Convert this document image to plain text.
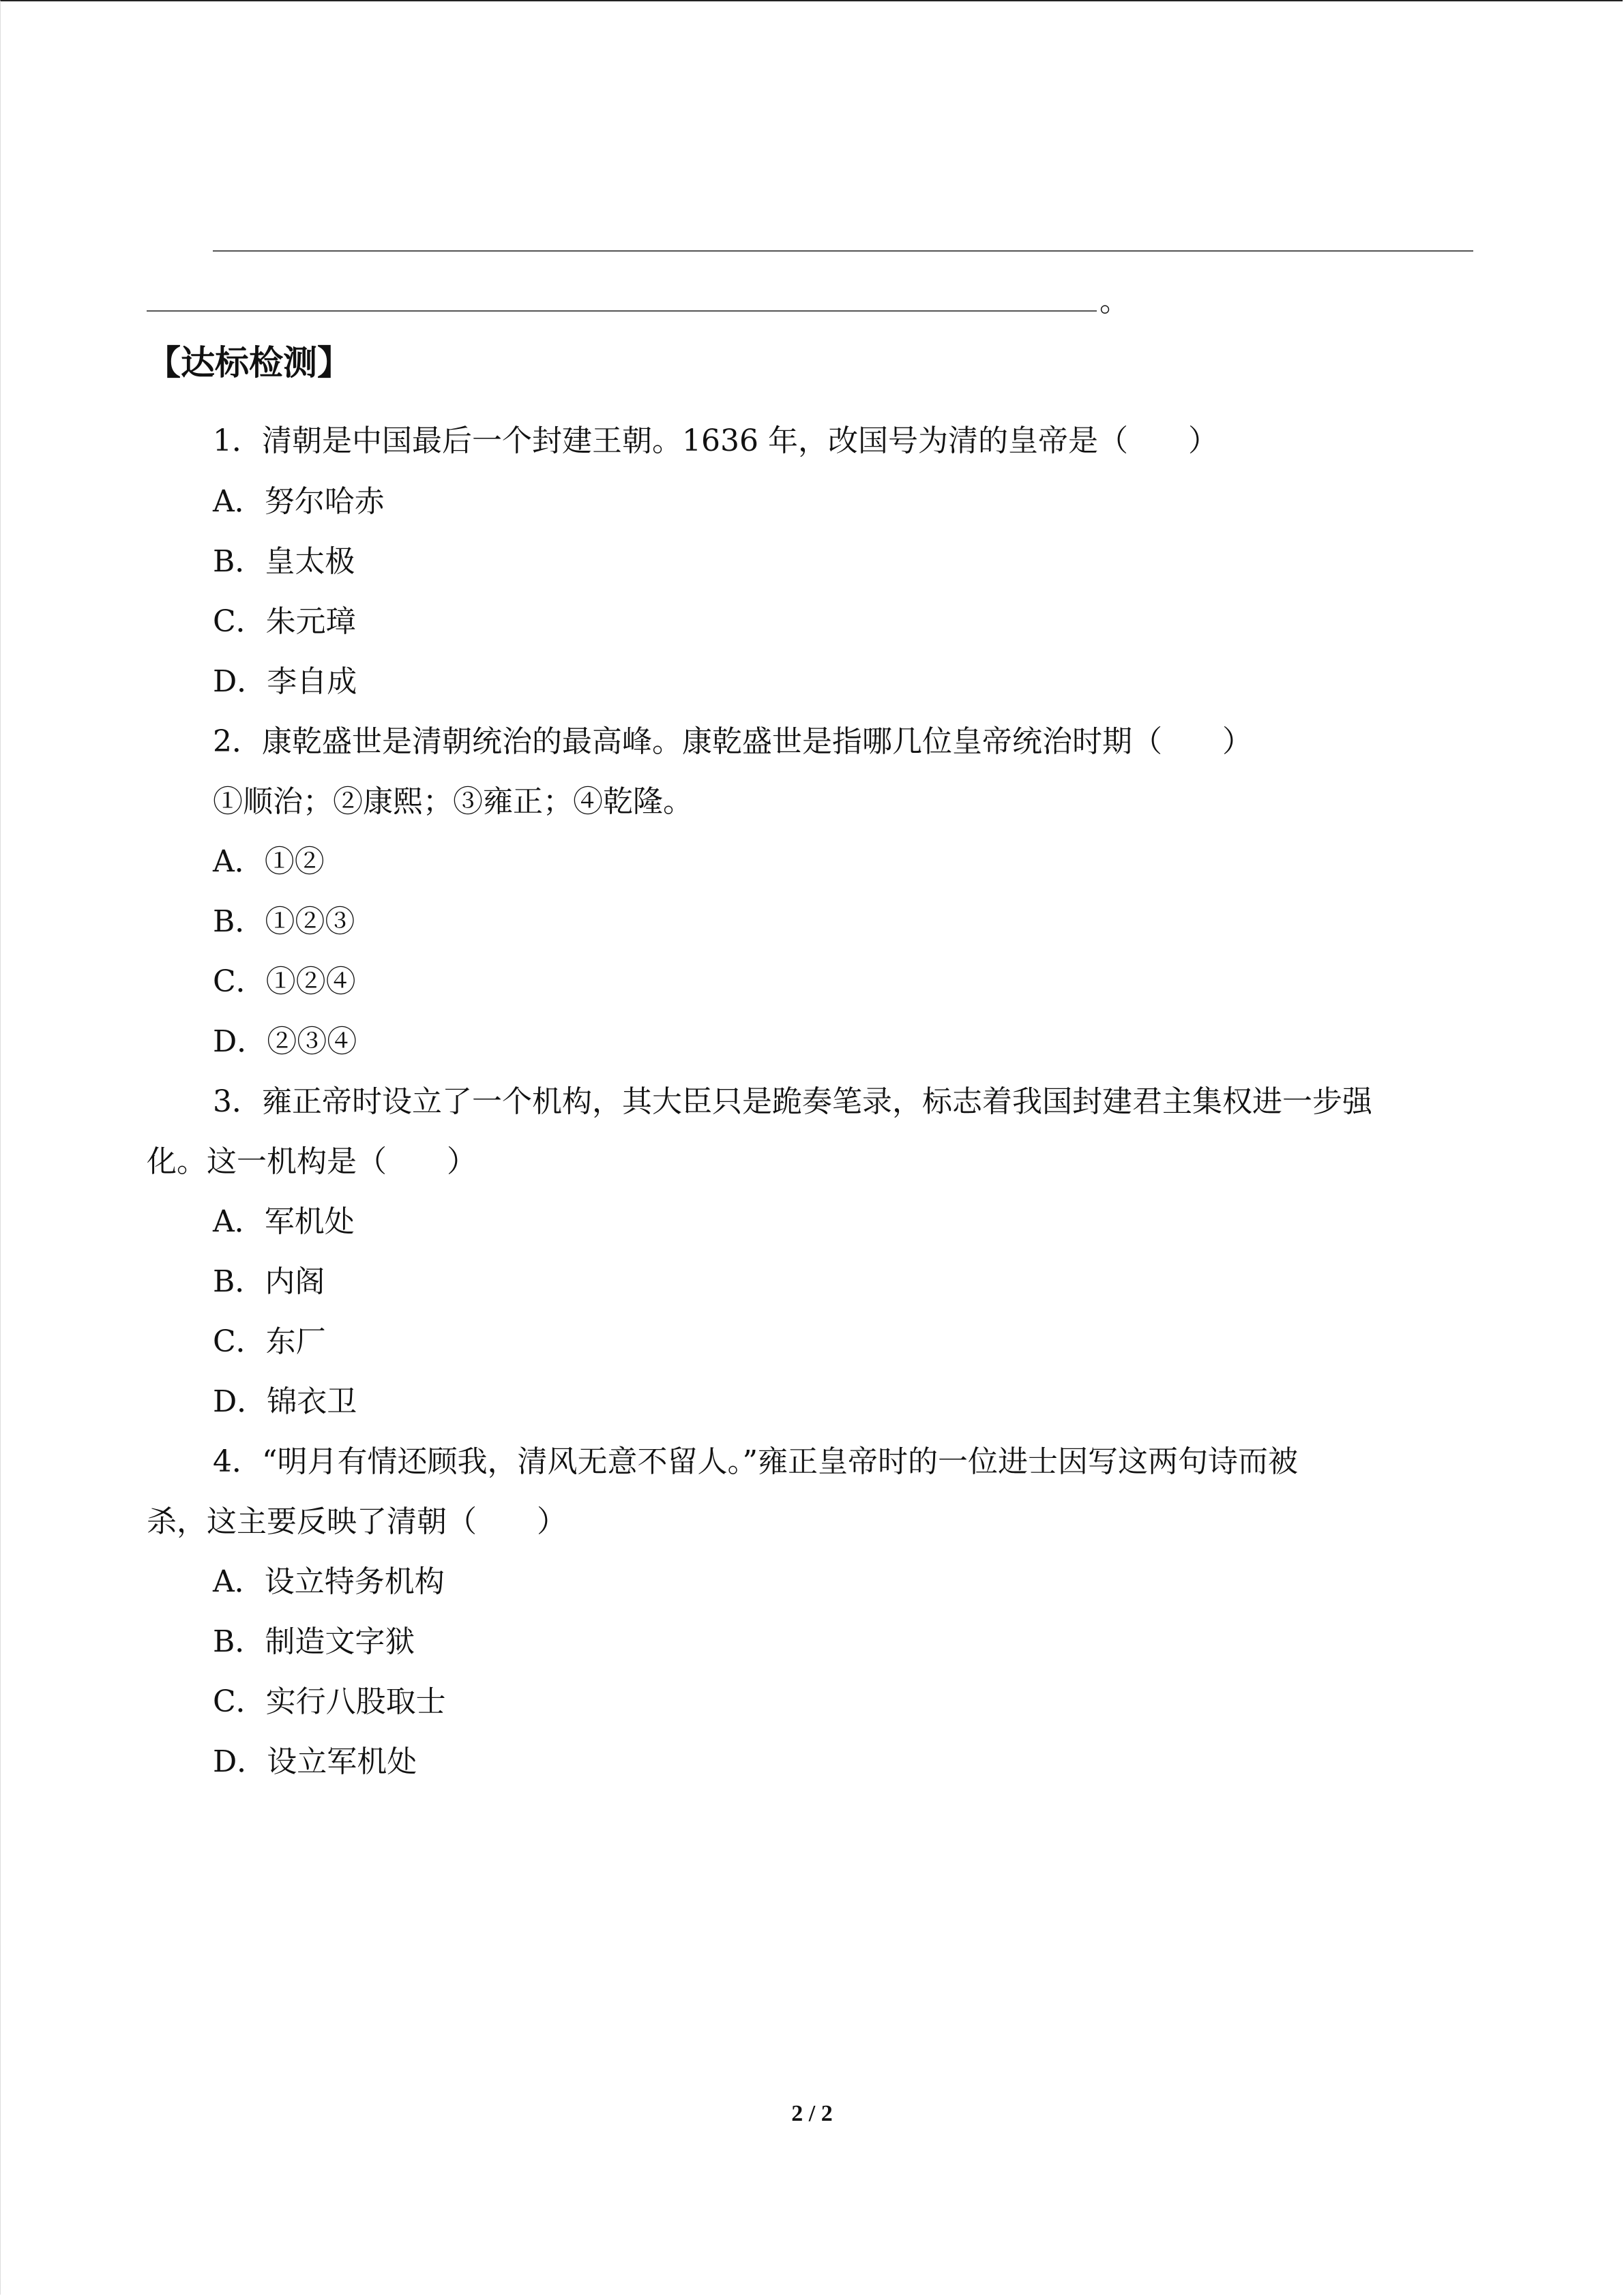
。
【达标检测】
1．清朝是中国最后一个封建王朝。1636 年，改国号为清的皇帝是（　　）
A．努尔哈赤
B．皇太极
C．朱元璋
D．李自成
2．康乾盛世是清朝统治的最高峰。康乾盛世是指哪几位皇帝统治时期（　　）
①顺治；②康熙；③雍正；④乾隆。
A．①②
B．①②③
C．①②④
D．②③④
3．雍正帝时设立了一个机构，其大臣只是跪奏笔录，标志着我国封建君主集权进一步强
化。这一机构是（　　）
A．军机处
B．内阁
C．东厂
D．锦衣卫
4．“明月有情还顾我，清风无意不留人。”雍正皇帝时的一位进士因写这两句诗而被
杀，这主要反映了清朝（　　）
A．设立特务机构
B．制造文字狱
C．实行八股取士
D．设立军机处
2 / 2
